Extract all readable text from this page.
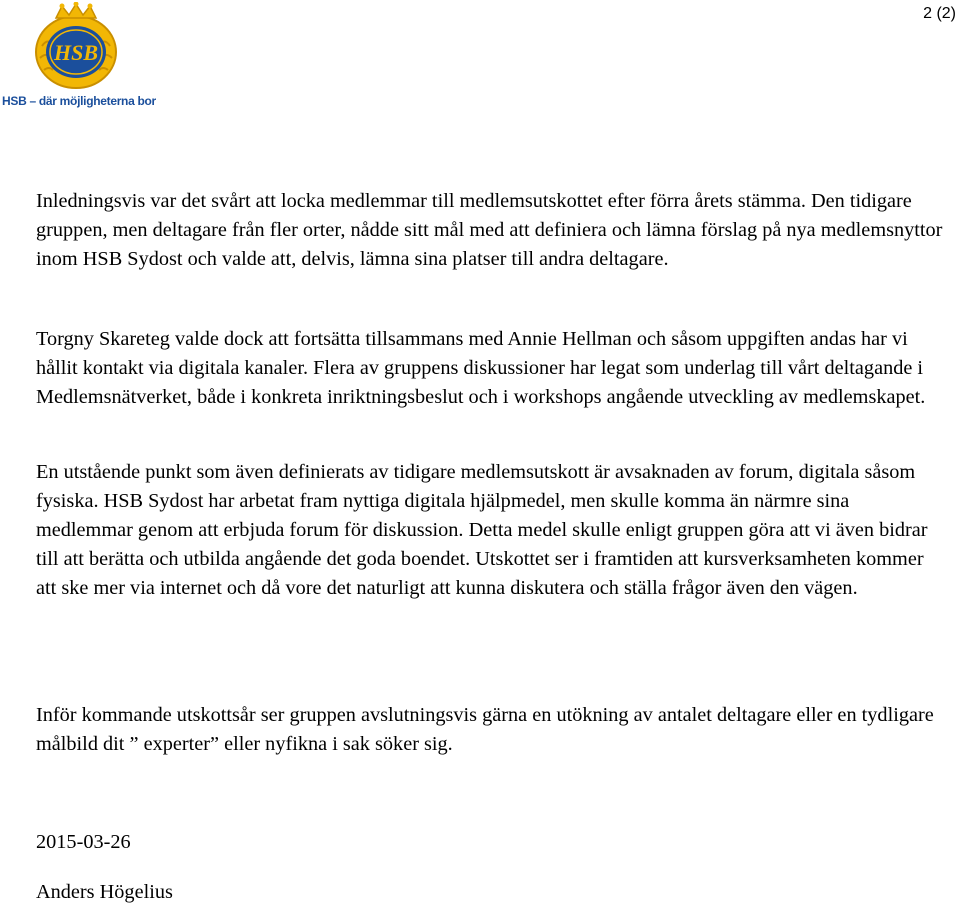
2 (2)
HSB
HSB – där möjligheterna bor

Inledningsvis var det svårt att locka medlemmar till medlemsutskottet efter förra årets stämma. Den tidigare gruppen, men deltagare från fler orter, nådde sitt mål med att definiera och lämna förslag på nya medlemsnyttor inom HSB Sydost och valde att, delvis, lämna sina platser till andra deltagare.

Torgny Skareteg valde dock att fortsätta tillsammans med Annie Hellman och såsom uppgiften andas har vi hållit kontakt via digitala kanaler. Flera av gruppens diskussioner har legat som underlag till vårt deltagande i Medlemsnätverket, både i konkreta inriktningsbeslut och i workshops angående utveckling av medlemskapet.

En utstående punkt som även definierats av tidigare medlemsutskott är avsaknaden av forum, digitala såsom fysiska. HSB Sydost har arbetat fram nyttiga digitala hjälpmedel, men skulle komma än närmre sina medlemmar genom att erbjuda forum för diskussion. Detta medel skulle enligt gruppen göra att vi även bidrar till att berätta och utbilda angående det goda boendet. Utskottet ser i framtiden att kursverksamheten kommer att ske mer via internet och då vore det naturligt att kunna diskutera och ställa frågor även den vägen.

Inför kommande utskottsår ser gruppen avslutningsvis gärna en utökning av antalet deltagare eller en tydligare målbild dit ” experter” eller nyfikna i sak söker sig.

2015-03-26

Anders Högelius
